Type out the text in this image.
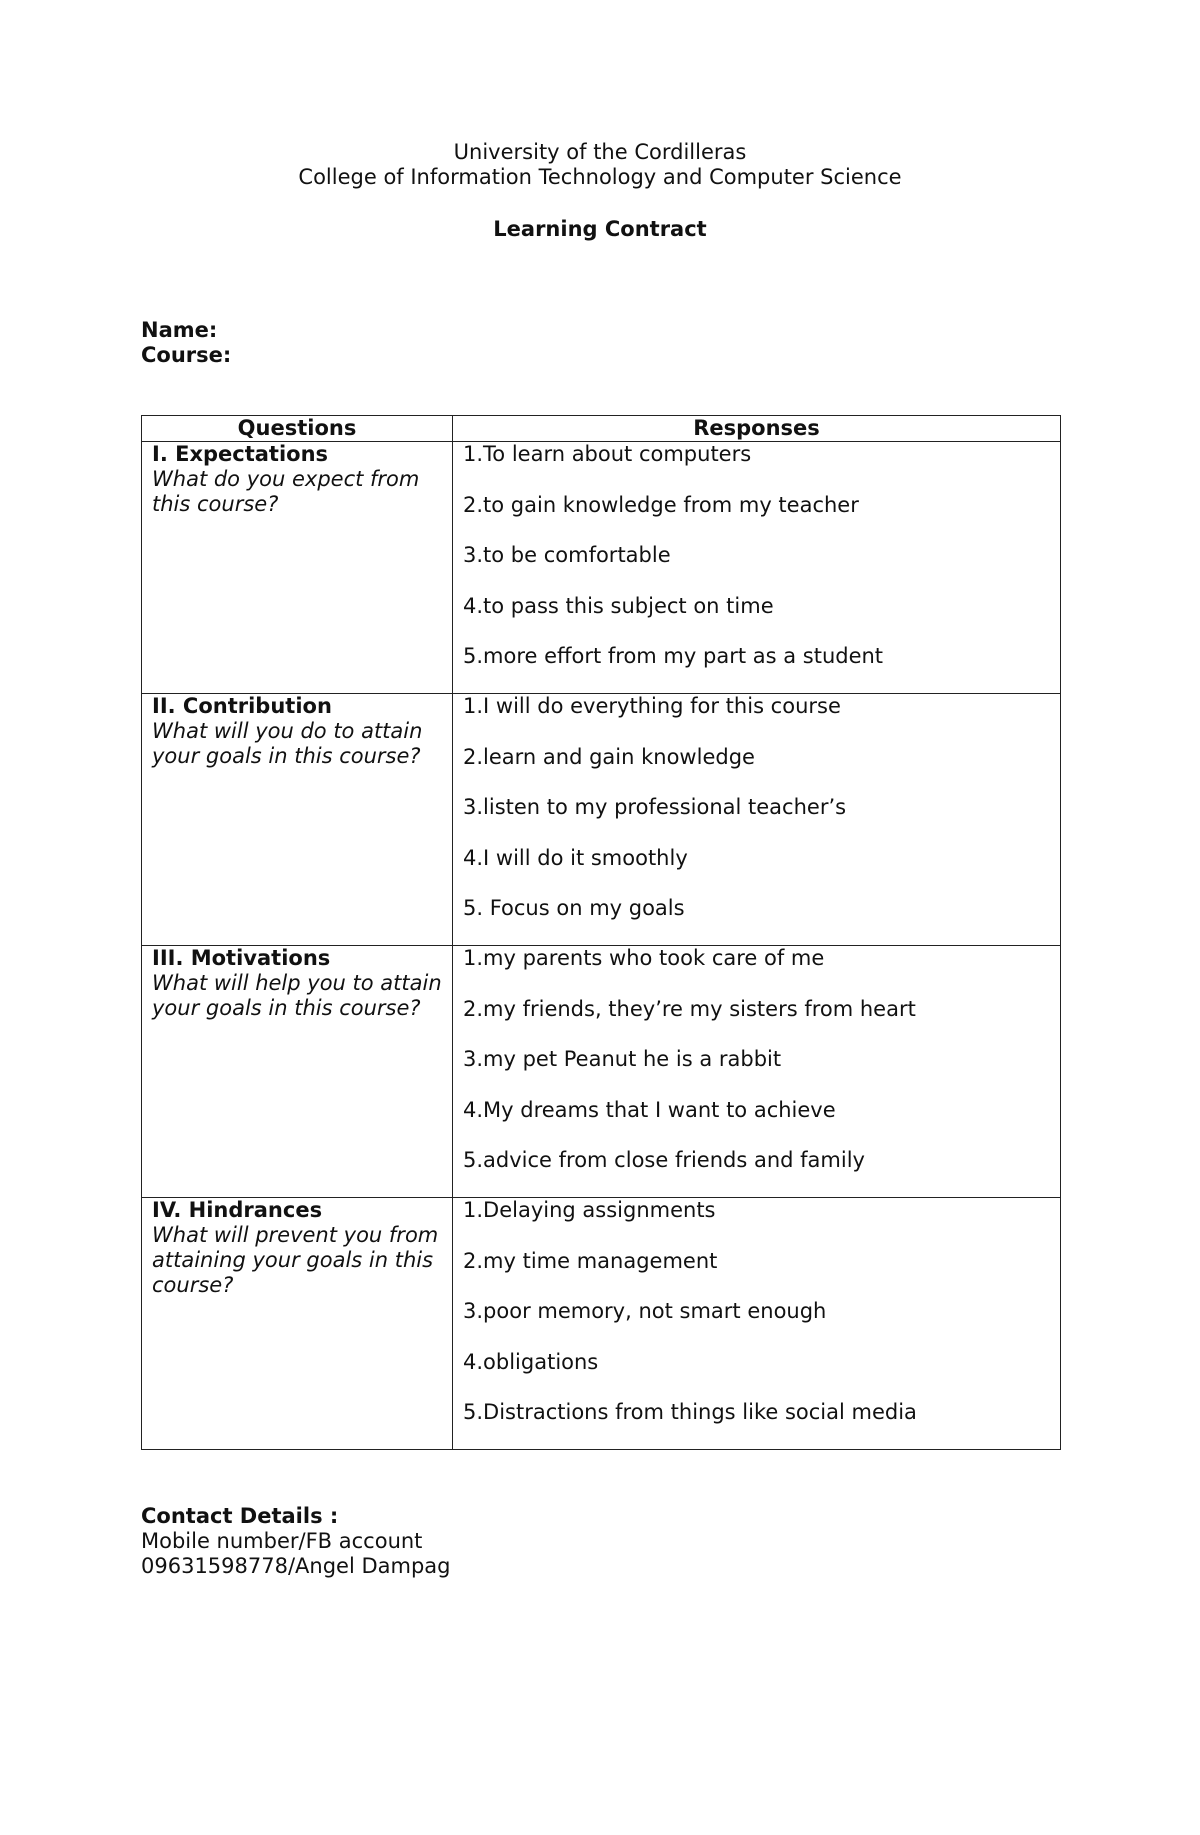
University of the Cordilleras
College of Information Technology and Computer Science
Learning Contract
Name:
Course:
Questions	Responses

I. Expectations
What do you expect from this course?	1.To learn about computers
2.to gain knowledge from my teacher
3.to be comfortable
4.to pass this subject on time
5.more effort from my part as a student

II. Contribution
What will you do to attain your goals in this course?	1.I will do everything for this course
2.learn and gain knowledge
3.listen to my professional teacher’s
4.I will do it smoothly
5. Focus on my goals

III. Motivations
What will help you to attain your goals in this course?	1.my parents who took care of me
2.my friends, they’re my sisters from heart
3.my pet Peanut he is a rabbit
4.My dreams that I want to achieve
5.advice from close friends and family

IV. Hindrances
What will prevent you from attaining your goals in this course?	1.Delaying assignments
2.my time management
3.poor memory, not smart enough
4.obligations
5.Distractions from things like social media
Contact Details :
Mobile number/FB account
09631598778/Angel Dampag
